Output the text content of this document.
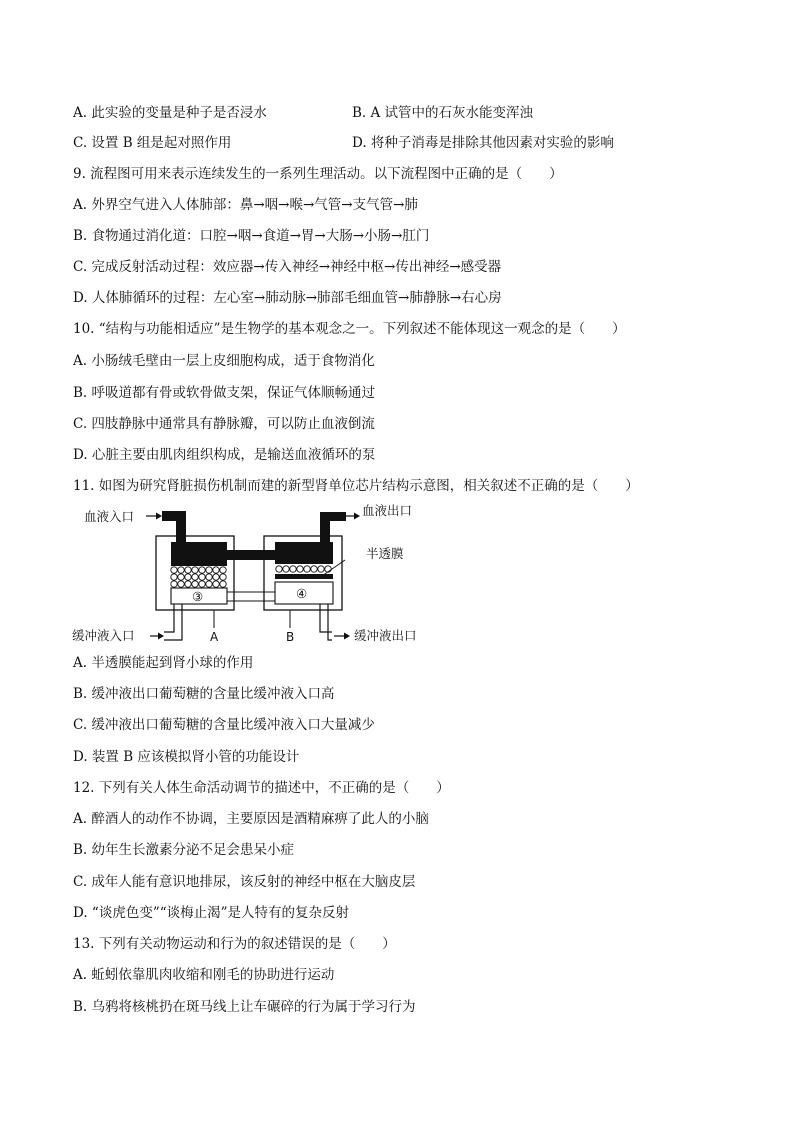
A. 此实验的变量是种子是否浸水	B. A 试管中的石灰水能变浑浊
C. 设置 B 组是起对照作用	D. 将种子消毒是排除其他因素对实验的影响
9. 流程图可用来表示连续发生的一系列生理活动。以下流程图中正确的是（　　）
A. 外界空气进入人体肺部：鼻→咽→喉→气管→支气管→肺
B. 食物通过消化道：口腔→咽→食道→胃→大肠→小肠→肛门
C. 完成反射活动过程：效应器→传入神经→神经中枢→传出神经→感受器
D. 人体肺循环的过程：左心室→肺动脉→肺部毛细血管→肺静脉→右心房
10. “结构与功能相适应”是生物学的基本观念之一。下列叙述不能体现这一观念的是（　　）
A. 小肠绒毛壁由一层上皮细胞构成，适于食物消化
B. 呼吸道都有骨或软骨做支架，保证气体顺畅通过
C. 四肢静脉中通常具有静脉瓣，可以防止血液倒流
D. 心脏主要由肌肉组织构成，是输送血液循环的泵
11. 如图为研究肾脏损伤机制而建的新型肾单位芯片结构示意图，相关叙述不正确的是（　　）
血液入口	血液出口
半透膜
③	④
缓冲液入口	缓冲液出口
A	B
A. 半透膜能起到肾小球的作用
B. 缓冲液出口葡萄糖的含量比缓冲液入口高
C. 缓冲液出口葡萄糖的含量比缓冲液入口大量减少
D. 装置 B 应该模拟肾小管的功能设计
12. 下列有关人体生命活动调节的描述中，不正确的是（　　）
A. 醉酒人的动作不协调，主要原因是酒精麻痹了此人的小脑
B. 幼年生长激素分泌不足会患呆小症
C. 成年人能有意识地排尿，该反射的神经中枢在大脑皮层
D. “谈虎色变”“谈梅止渴”是人特有的复杂反射
13. 下列有关动物运动和行为的叙述错误的是（　　）
A. 蚯蚓依靠肌肉收缩和刚毛的协助进行运动
B. 乌鸦将核桃扔在斑马线上让车碾碎的行为属于学习行为
